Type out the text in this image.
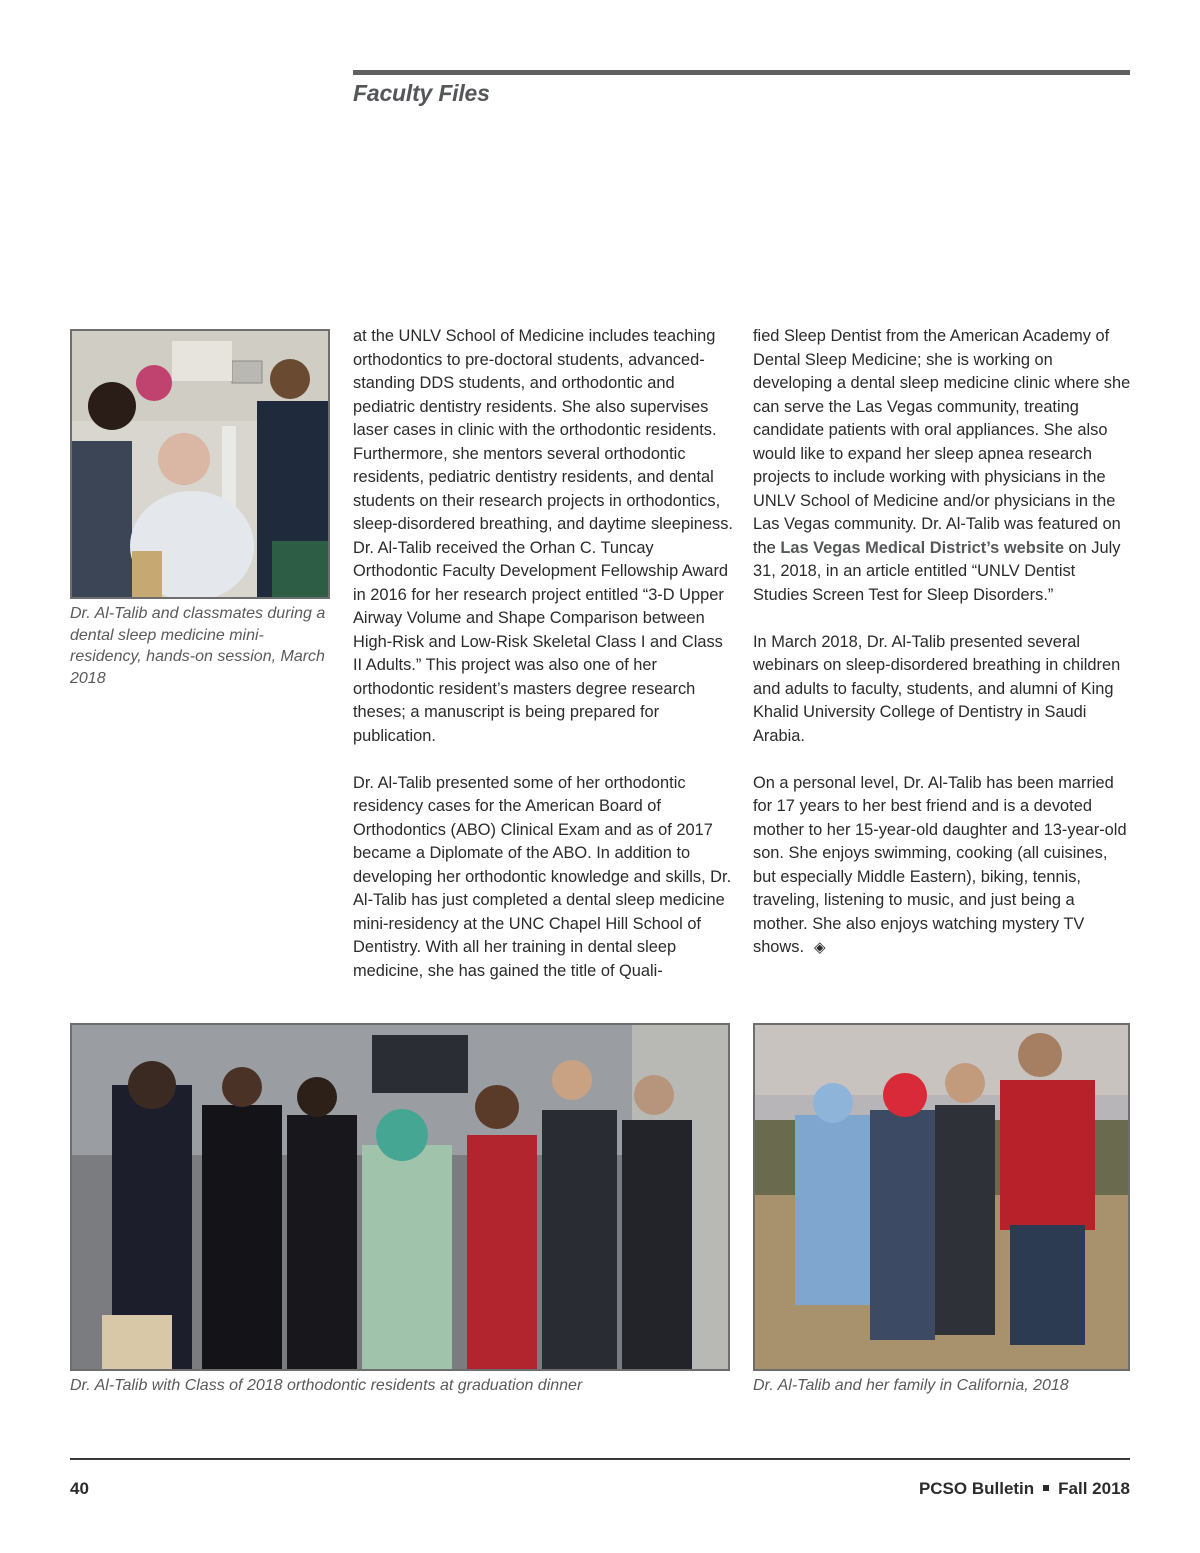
Faculty Files
Dr. Al-Talib and classmates during a dental sleep medicine mini-residency, hands-on session, March 2018

at the UNLV School of Medicine includes teaching orthodontics to pre-doctoral students, advanced-standing DDS students, and orthodontic and pediatric dentistry residents. She also supervises laser cases in clinic with the orthodontic residents. Furthermore, she mentors several orthodontic residents, pediatric dentistry residents, and dental students on their research projects in orthodontics, sleep-disordered breathing, and daytime sleepiness. Dr. Al-Talib received the Orhan C. Tuncay Orthodontic Faculty Development Fellowship Award in 2016 for her research project entitled “3-D Upper Airway Volume and Shape Comparison between High-Risk and Low-Risk Skeletal Class I and Class II Adults.” This project was also one of her orthodontic resident’s masters degree research theses; a manuscript is being prepared for publication.

Dr. Al-Talib presented some of her orthodontic residency cases for the American Board of Orthodontics (ABO) Clinical Exam and as of 2017 became a Diplomate of the ABO. In addition to developing her orthodontic knowledge and skills, Dr. Al-Talib has just completed a dental sleep medicine mini-residency at the UNC Chapel Hill School of Dentistry. With all her training in dental sleep medicine, she has gained the title of Quali-

fied Sleep Dentist from the American Academy of Dental Sleep Medicine; she is working on developing a dental sleep medicine clinic where she can serve the Las Vegas community, treating candidate patients with oral appliances. She also would like to expand her sleep apnea research projects to include working with physicians in the UNLV School of Medicine and/or physicians in the Las Vegas community. Dr. Al-Talib was featured on the Las Vegas Medical District’s website on July 31, 2018, in an article entitled “UNLV Dentist Studies Screen Test for Sleep Disorders.”

In March 2018, Dr. Al-Talib presented several webinars on sleep-disordered breathing in children and adults to faculty, students, and alumni of King Khalid University College of Dentistry in Saudi Arabia.

On a personal level, Dr. Al-Talib has been married for 17 years to her best friend and is a devoted mother to her 15-year-old daughter and 13-year-old son. She enjoys swimming, cooking (all cuisines, but especially Middle Eastern), biking, tennis, traveling, listening to music, and just being a mother. She also enjoys watching mystery TV shows. ◈

Dr. Al-Talib with Class of 2018 orthodontic residents at graduation dinner	Dr. Al-Talib and her family in California, 2018
40	PCSO Bulletin Fall 2018
